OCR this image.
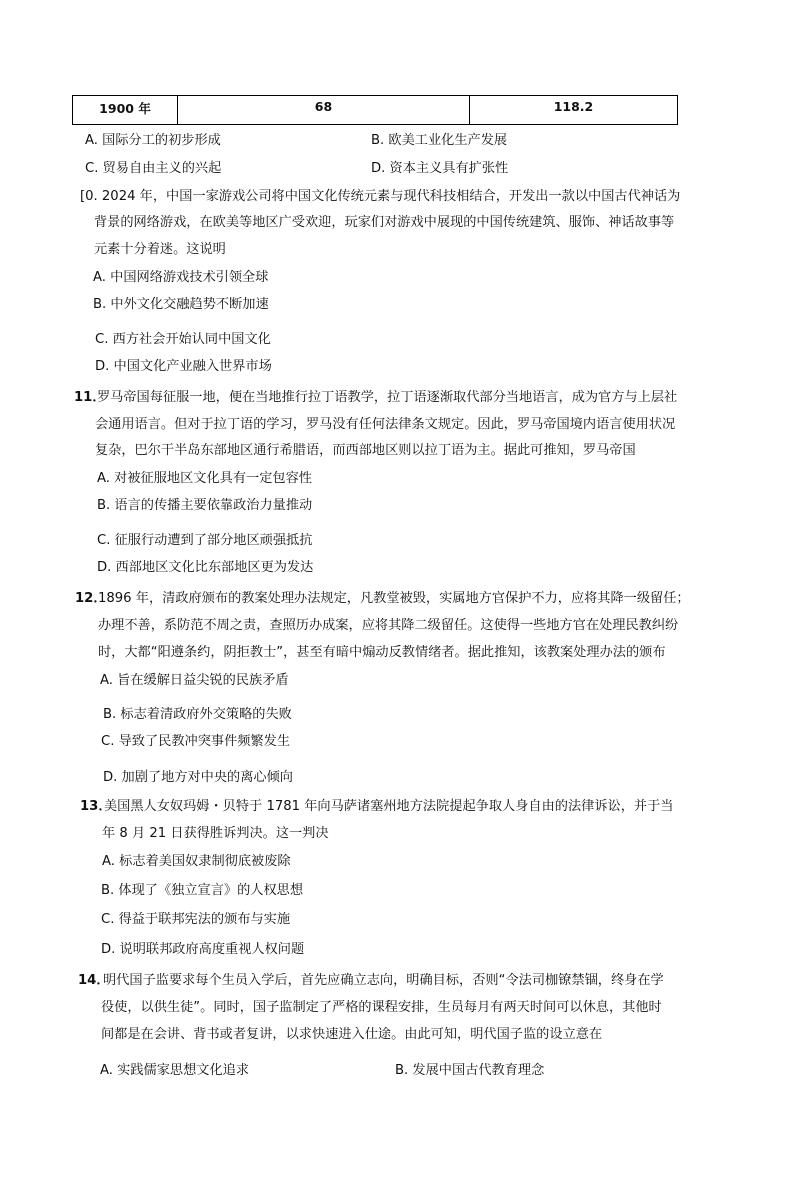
1900 年	68	118.2
A. 国际分工的初步形成	B. 欧美工业化生产发展
C. 贸易自由主义的兴起	D. 资本主义具有扩张性
[0. 2024 年，中国一家游戏公司将中国文化传统元素与现代科技相结合，开发出一款以中国古代神话为
背景的网络游戏，在欧美等地区广受欢迎，玩家们对游戏中展现的中国传统建筑、服饰、神话故事等
元素十分着迷。这说明
A. 中国网络游戏技术引领全球
B. 中外文化交融趋势不断加速
C. 西方社会开始认同中国文化
D. 中国文化产业融入世界市场
11．
罗马帝国每征服一地，便在当地推行拉丁语教学，拉丁语逐渐取代部分当地语言，成为官方与上层社
会通用语言。但对于拉丁语的学习，罗马没有任何法律条文规定。因此，罗马帝国境内语言使用状况
复杂，巴尔干半岛东部地区通行希腊语，而西部地区则以拉丁语为主。据此可推知，罗马帝国
A. 对被征服地区文化具有一定包容性
B. 语言的传播主要依靠政治力量推动
C. 征服行动遭到了部分地区顽强抵抗
D. 西部地区文化比东部地区更为发达
12．
1896 年，清政府颁布的教案处理办法规定，凡教堂被毁，实属地方官保护不力，应将其降一级留任；
办理不善，系防范不周之责，查照历办成案，应将其降二级留任。这使得一些地方官在处理民教纠纷
时，大都“阳遵条约，阴拒教士”，甚至有暗中煽动反教情绪者。据此推知，该教案处理办法的颁布
A. 旨在缓解日益尖锐的民族矛盾
B. 标志着清政府外交策略的失败
C. 导致了民教冲突事件频繁发生
D. 加剧了地方对中央的离心倾向
13．
美国黑人女奴玛姆・贝特于 1781 年向马萨诸塞州地方法院提起争取人身自由的法律诉讼，并于当
年 8 月 21 日获得胜诉判决。这一判决
A. 标志着美国奴隶制彻底被废除
B. 体现了《独立宣言》的人权思想
C. 得益于联邦宪法的颁布与实施
D. 说明联邦政府高度重视人权问题
14．
明代国子监要求每个生员入学后，首先应确立志向，明确目标，否则“令法司枷镣禁锢，终身在学
役使，以供生徒”。同时，国子监制定了严格的课程安排，生员每月有两天时间可以休息，其他时
间都是在会讲、背书或者复讲，以求快速进入仕途。由此可知，明代国子监的设立意在
A. 实践儒家思想文化追求	B. 发展中国古代教育理念
